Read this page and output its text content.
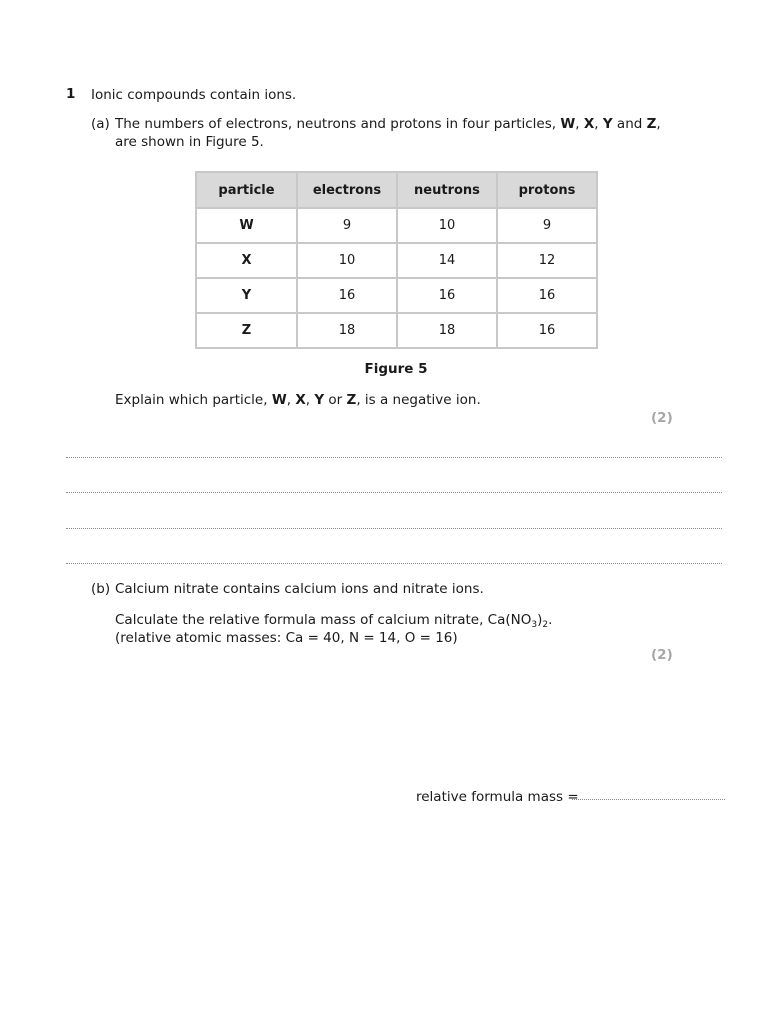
1 Ionic compounds contain ions.
(a) The numbers of electrons, neutrons and protons in four particles, W, X, Y and Z,
are shown in Figure 5.
particle	electrons	neutrons	protons
W	9	10	9
X	10	14	12
Y	16	16	16
Z	18	18	16
Figure 5
Explain which particle, W, X, Y or Z, is a negative ion.
(2)
(b) Calcium nitrate contains calcium ions and nitrate ions.
Calculate the relative formula mass of calcium nitrate, $Ca(NO_3)_2$.
(relative atomic masses: Ca = 40, N = 14, O = 16)
(2)
relative formula mass =
